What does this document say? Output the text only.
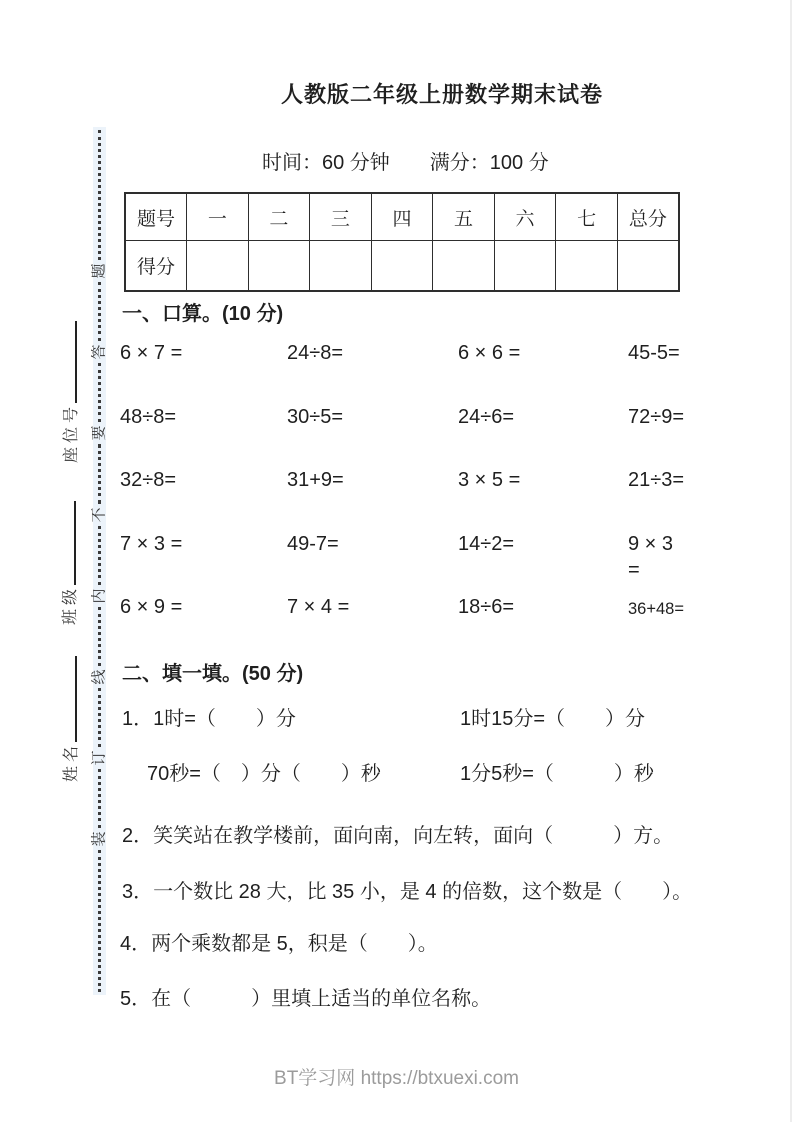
题
答
要
不
内
线
订
装
座位号
班级
姓名
人教版二年级上册数学期末试卷
时间：60 分钟　　满分：100 分
题号	一	二	三	四	五	六	七	总分
得分								
一、口算。(10 分)
6 × 7 =	24÷8=	6 × 6 =	45-5=
48÷8=	30÷5=	24÷6=	72÷9=
32÷8=	31+9=	3 × 5 =	21÷3=
7 × 3 =	49-7=	14÷2=	9 × 3 =
6 × 9 =	7 × 4 =	18÷6=	36+48=
二、填一填。(50 分)
1．1时=（　　）分	1时15分=（　　）分
70秒=（　）分（　　）秒	1分5秒=（　　　）秒
2．笑笑站在教学楼前，面向南，向左转，面向（　　　）方。
3．一个数比 28 大，比 35 小，是 4 的倍数，这个数是（　　）。
4．两个乘数都是 5，积是（　　）。
5．在（　　　）里填上适当的单位名称。
BT学习网 https://btxuexi.com
